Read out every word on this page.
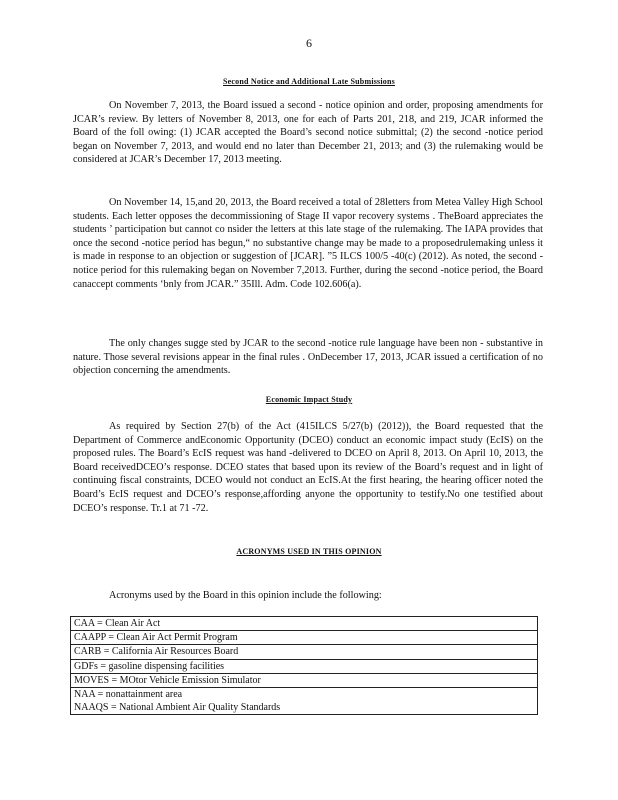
6
Second Notice and Additional Late Submissions

On November 7, 2013, the Board issued a second - notice opinion and order, proposing amendments for JCAR’s review. By letters of November 8, 2013, one for each of Parts 201, 218, and 219, JCAR informed the Board of the foll owing: (1) JCAR accepted the Board’s second notice submittal; (2) the second -notice period began on November 7, 2013, and would end no later than December 21, 2013; and (3) the rulemaking would be considered at JCAR’s December 17, 2013 meeting.

On November 14, 15,and 20, 2013, the Board received a total of 28letters from Metea Valley High School students. Each letter opposes the decommissioning of Stage II vapor recovery systems . TheBoard appreciates the students ’ participation but cannot co nsider the letters at this late stage of the rulemaking. The IAPA provides that once the second -notice period has begun,“ no substantive change may be made to a proposedrulemaking unless it is made in response to an objection or suggestion of [JCAR]. ”5 ILCS 100/5 -40(c) (2012). As noted, the second - notice period for this rulemaking began on November 7,2013. Further, during the second -notice period, the Board canaccept comments ‘bnly from JCAR.” 35Ill. Adm. Code 102.606(a).

The only changes sugge sted by JCAR to the second -notice rule language have been non - substantive in nature. Those several revisions appear in the final rules . OnDecember 17, 2013, JCAR issued a certification of no objection concerning the amendments.

Economic Impact Study

As required by Section 27(b) of the Act (415ILCS 5/27(b) (2012)), the Board requested that the Department of Commerce andEconomic Opportunity (DCEO) conduct an economic impact study (EcIS) on the proposed rules. The Board’s EcIS request was hand -delivered to DCEO on April 8, 2013. On April 10, 2013, the Board receivedDCEO’s response. DCEO states that based upon its review of the Board’s request and in light of continuing fiscal constraints, DCEO would not conduct an EcIS.At the first hearing, the hearing officer noted the Board’s EcIS request and DCEO’s response,affording anyone the opportunity to testify.No one testified about DCEO’s response. Tr.1 at 71 -72.

ACRONYMS USED IN THIS OPINION

Acronyms used by the Board in this opinion include the following:

CAA = Clean Air Act
CAAPP = Clean Air Act Permit Program
CARB = California Air Resources Board
GDFs = gasoline dispensing facilities
MOVES = MOtor Vehicle Emission Simulator
NAA = nonattainment area
NAAQS = National Ambient Air Quality Standards
